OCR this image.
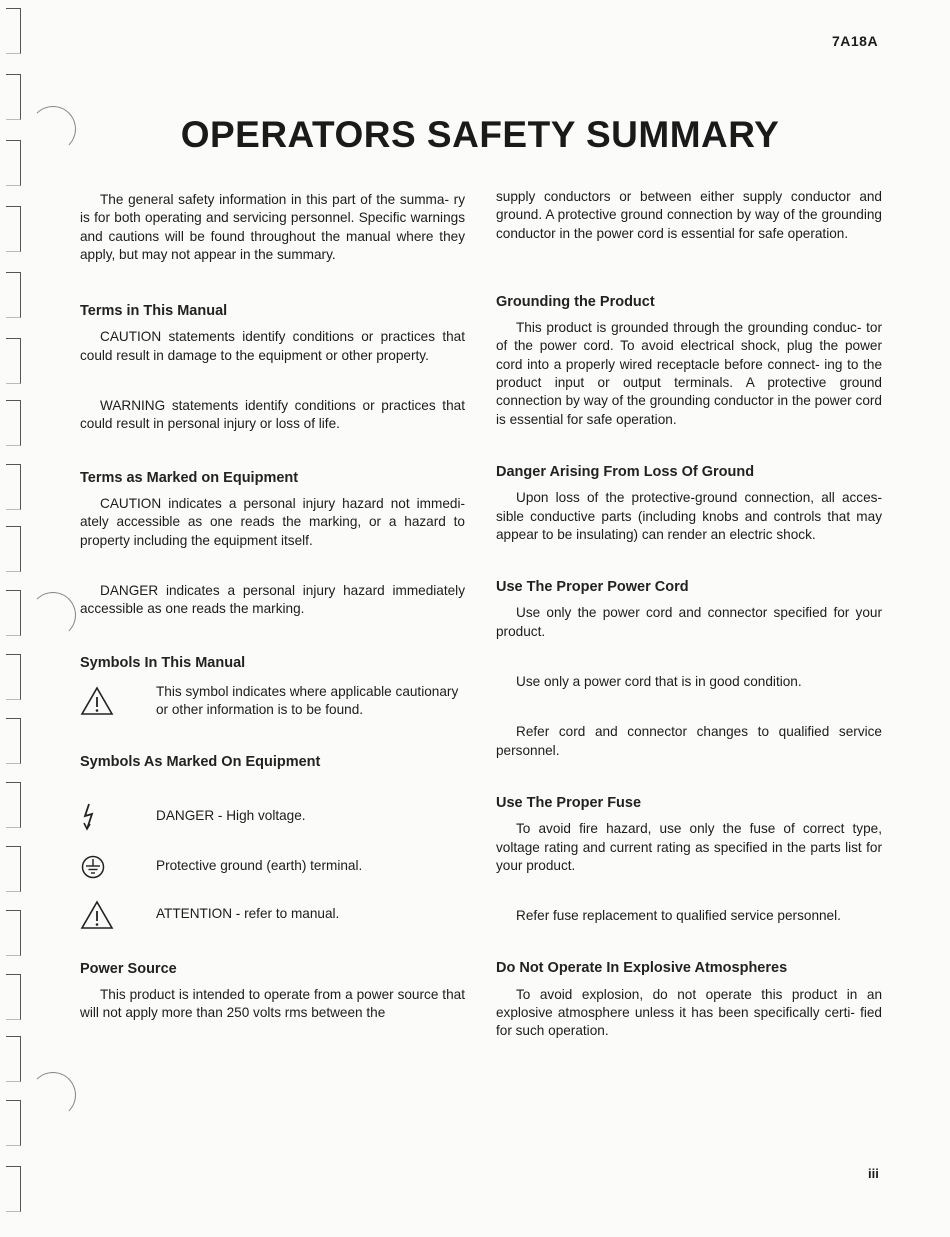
7A18A
OPERATORS SAFETY SUMMARY

The general safety information in this part of the summa- ry is for both operating and servicing personnel. Specific warnings and cautions will be found throughout the manual where they apply, but may not appear in the summary.

Terms in This Manual

CAUTION statements identify conditions or practices that could result in damage to the equipment or other property.

WARNING statements identify conditions or practices that could result in personal injury or loss of life.

Terms as Marked on Equipment

CAUTION indicates a personal injury hazard not immedi- ately accessible as one reads the marking, or a hazard to property including the equipment itself.

DANGER indicates a personal injury hazard immediately accessible as one reads the marking.

Symbols In This Manual
This symbol indicates where applicable cautionary or other information is to be found.
Symbols As Marked On Equipment
DANGER - High voltage.
Protective ground (earth) terminal.
ATTENTION - refer to manual.
Power Source

This product is intended to operate from a power source that will not apply more than 250 volts rms between the

supply conductors or between either supply conductor and ground. A protective ground connection by way of the grounding conductor in the power cord is essential for safe operation.

Grounding the Product

This product is grounded through the grounding conduc- tor of the power cord. To avoid electrical shock, plug the power cord into a properly wired receptacle before connect- ing to the product input or output terminals. A protective ground connection by way of the grounding conductor in the power cord is essential for safe operation.

Danger Arising From Loss Of Ground

Upon loss of the protective-ground connection, all acces- sible conductive parts (including knobs and controls that may appear to be insulating) can render an electric shock.

Use The Proper Power Cord

Use only the power cord and connector specified for your product.

Use only a power cord that is in good condition.

Refer cord and connector changes to qualified service personnel.

Use The Proper Fuse

To avoid fire hazard, use only the fuse of correct type, voltage rating and current rating as specified in the parts list for your product.

Refer fuse replacement to qualified service personnel.

Do Not Operate In Explosive Atmospheres

To avoid explosion, do not operate this product in an explosive atmosphere unless it has been specifically certi- fied for such operation.

iii
